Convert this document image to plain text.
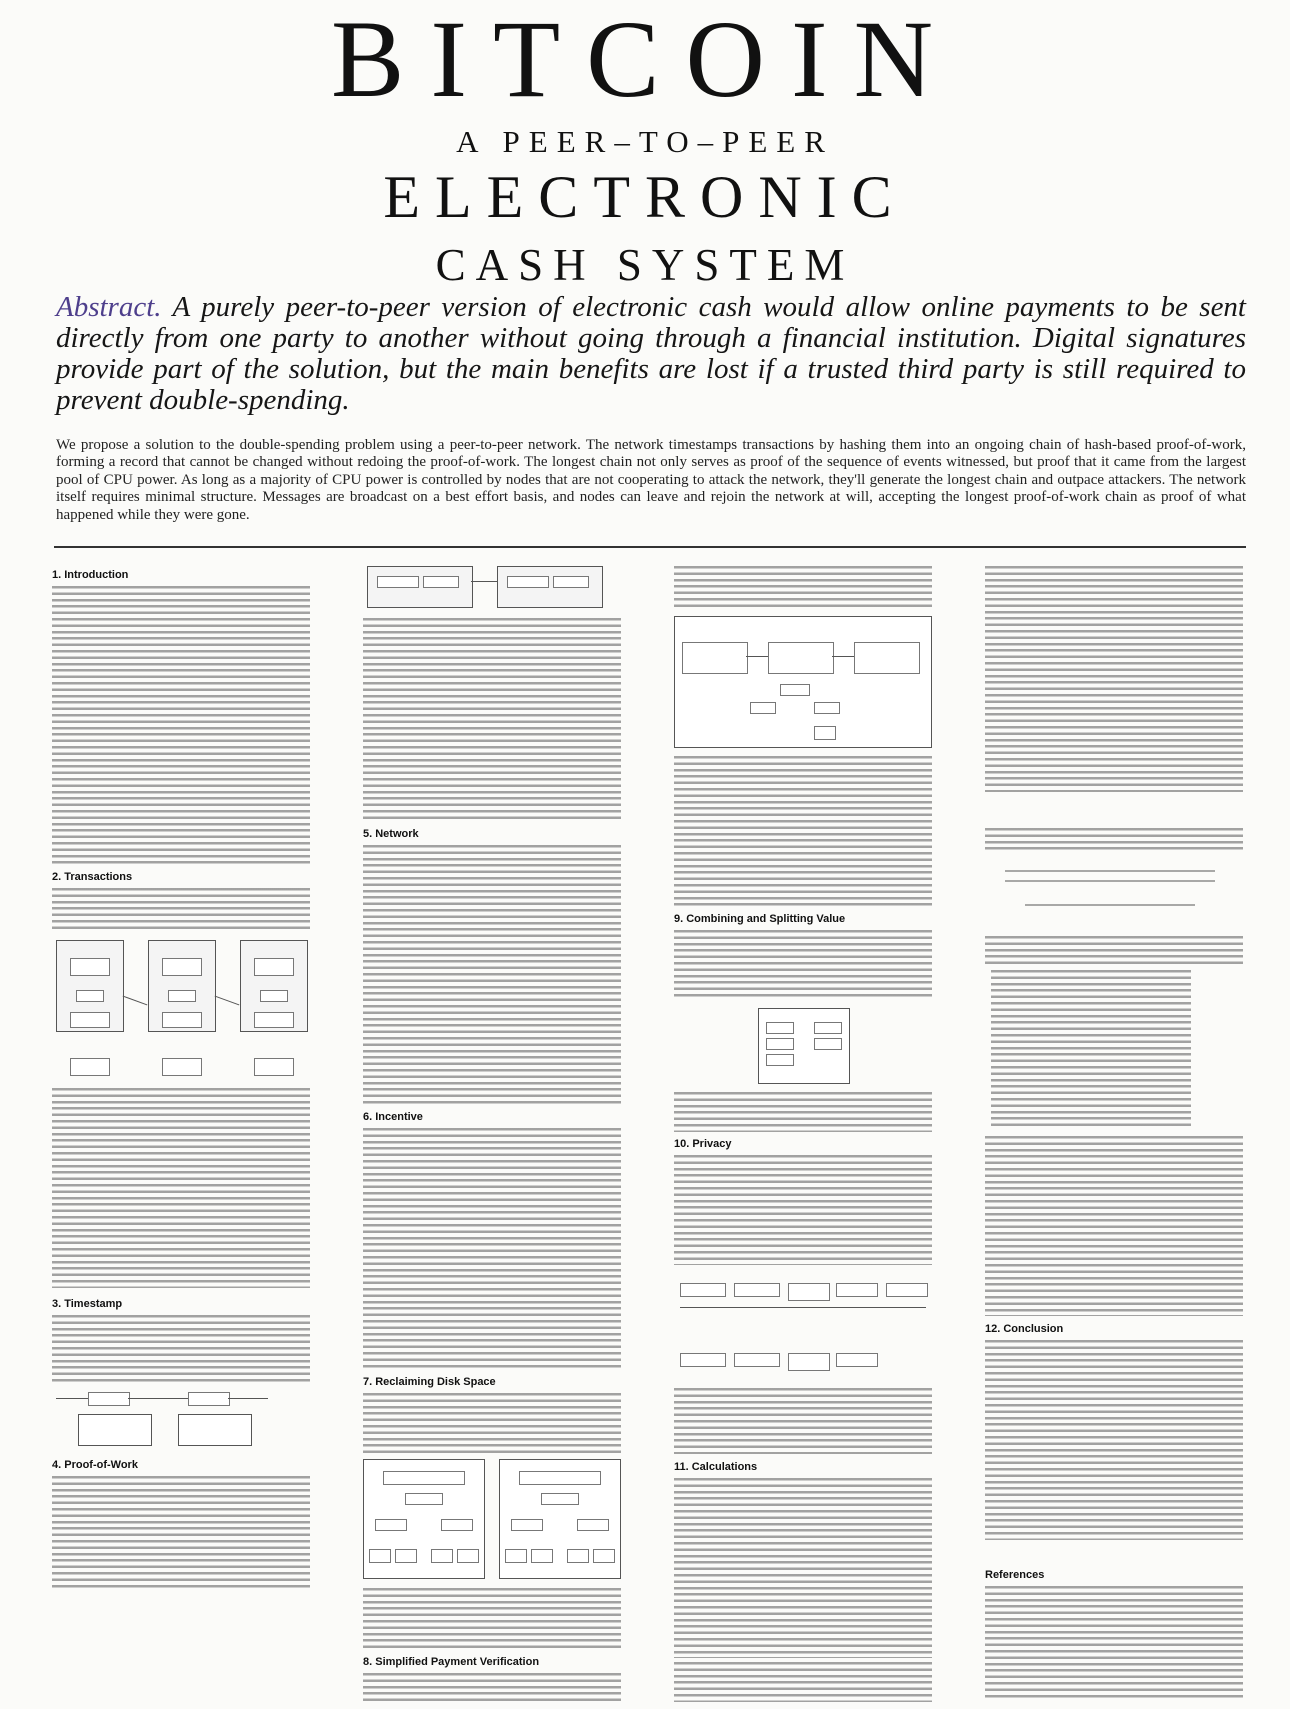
BITCOIN
A PEER–TO–PEER
ELECTRONIC
CASH SYSTEM

Abstract. A purely peer-to-peer version of electronic cash would allow online payments to be sent directly from one party to another without going through a financial institution. Digital signatures provide part of the solution, but the main benefits are lost if a trusted third party is still required to prevent double-spending.

We propose a solution to the double-spending problem using a peer-to-peer network. The network timestamps transactions by hashing them into an ongoing chain of hash-based proof-of-work, forming a record that cannot be changed without redoing the proof-of-work. The longest chain not only serves as proof of the sequence of events witnessed, but proof that it came from the largest pool of CPU power. As long as a majority of CPU power is controlled by nodes that are not cooperating to attack the network, they'll generate the longest chain and outpace attackers. The network itself requires minimal structure. Messages are broadcast on a best effort basis, and nodes can leave and rejoin the network at will, accepting the longest proof-of-work chain as proof of what happened while they were gone.

1. Introduction
2. Transactions
3. Timestamp
4. Proof-of-Work
5. Network
6. Incentive
7. Reclaiming Disk Space
8. Simplified Payment Verification
9. Combining and Splitting Value
10. Privacy
11. Calculations
12. Conclusion
References
